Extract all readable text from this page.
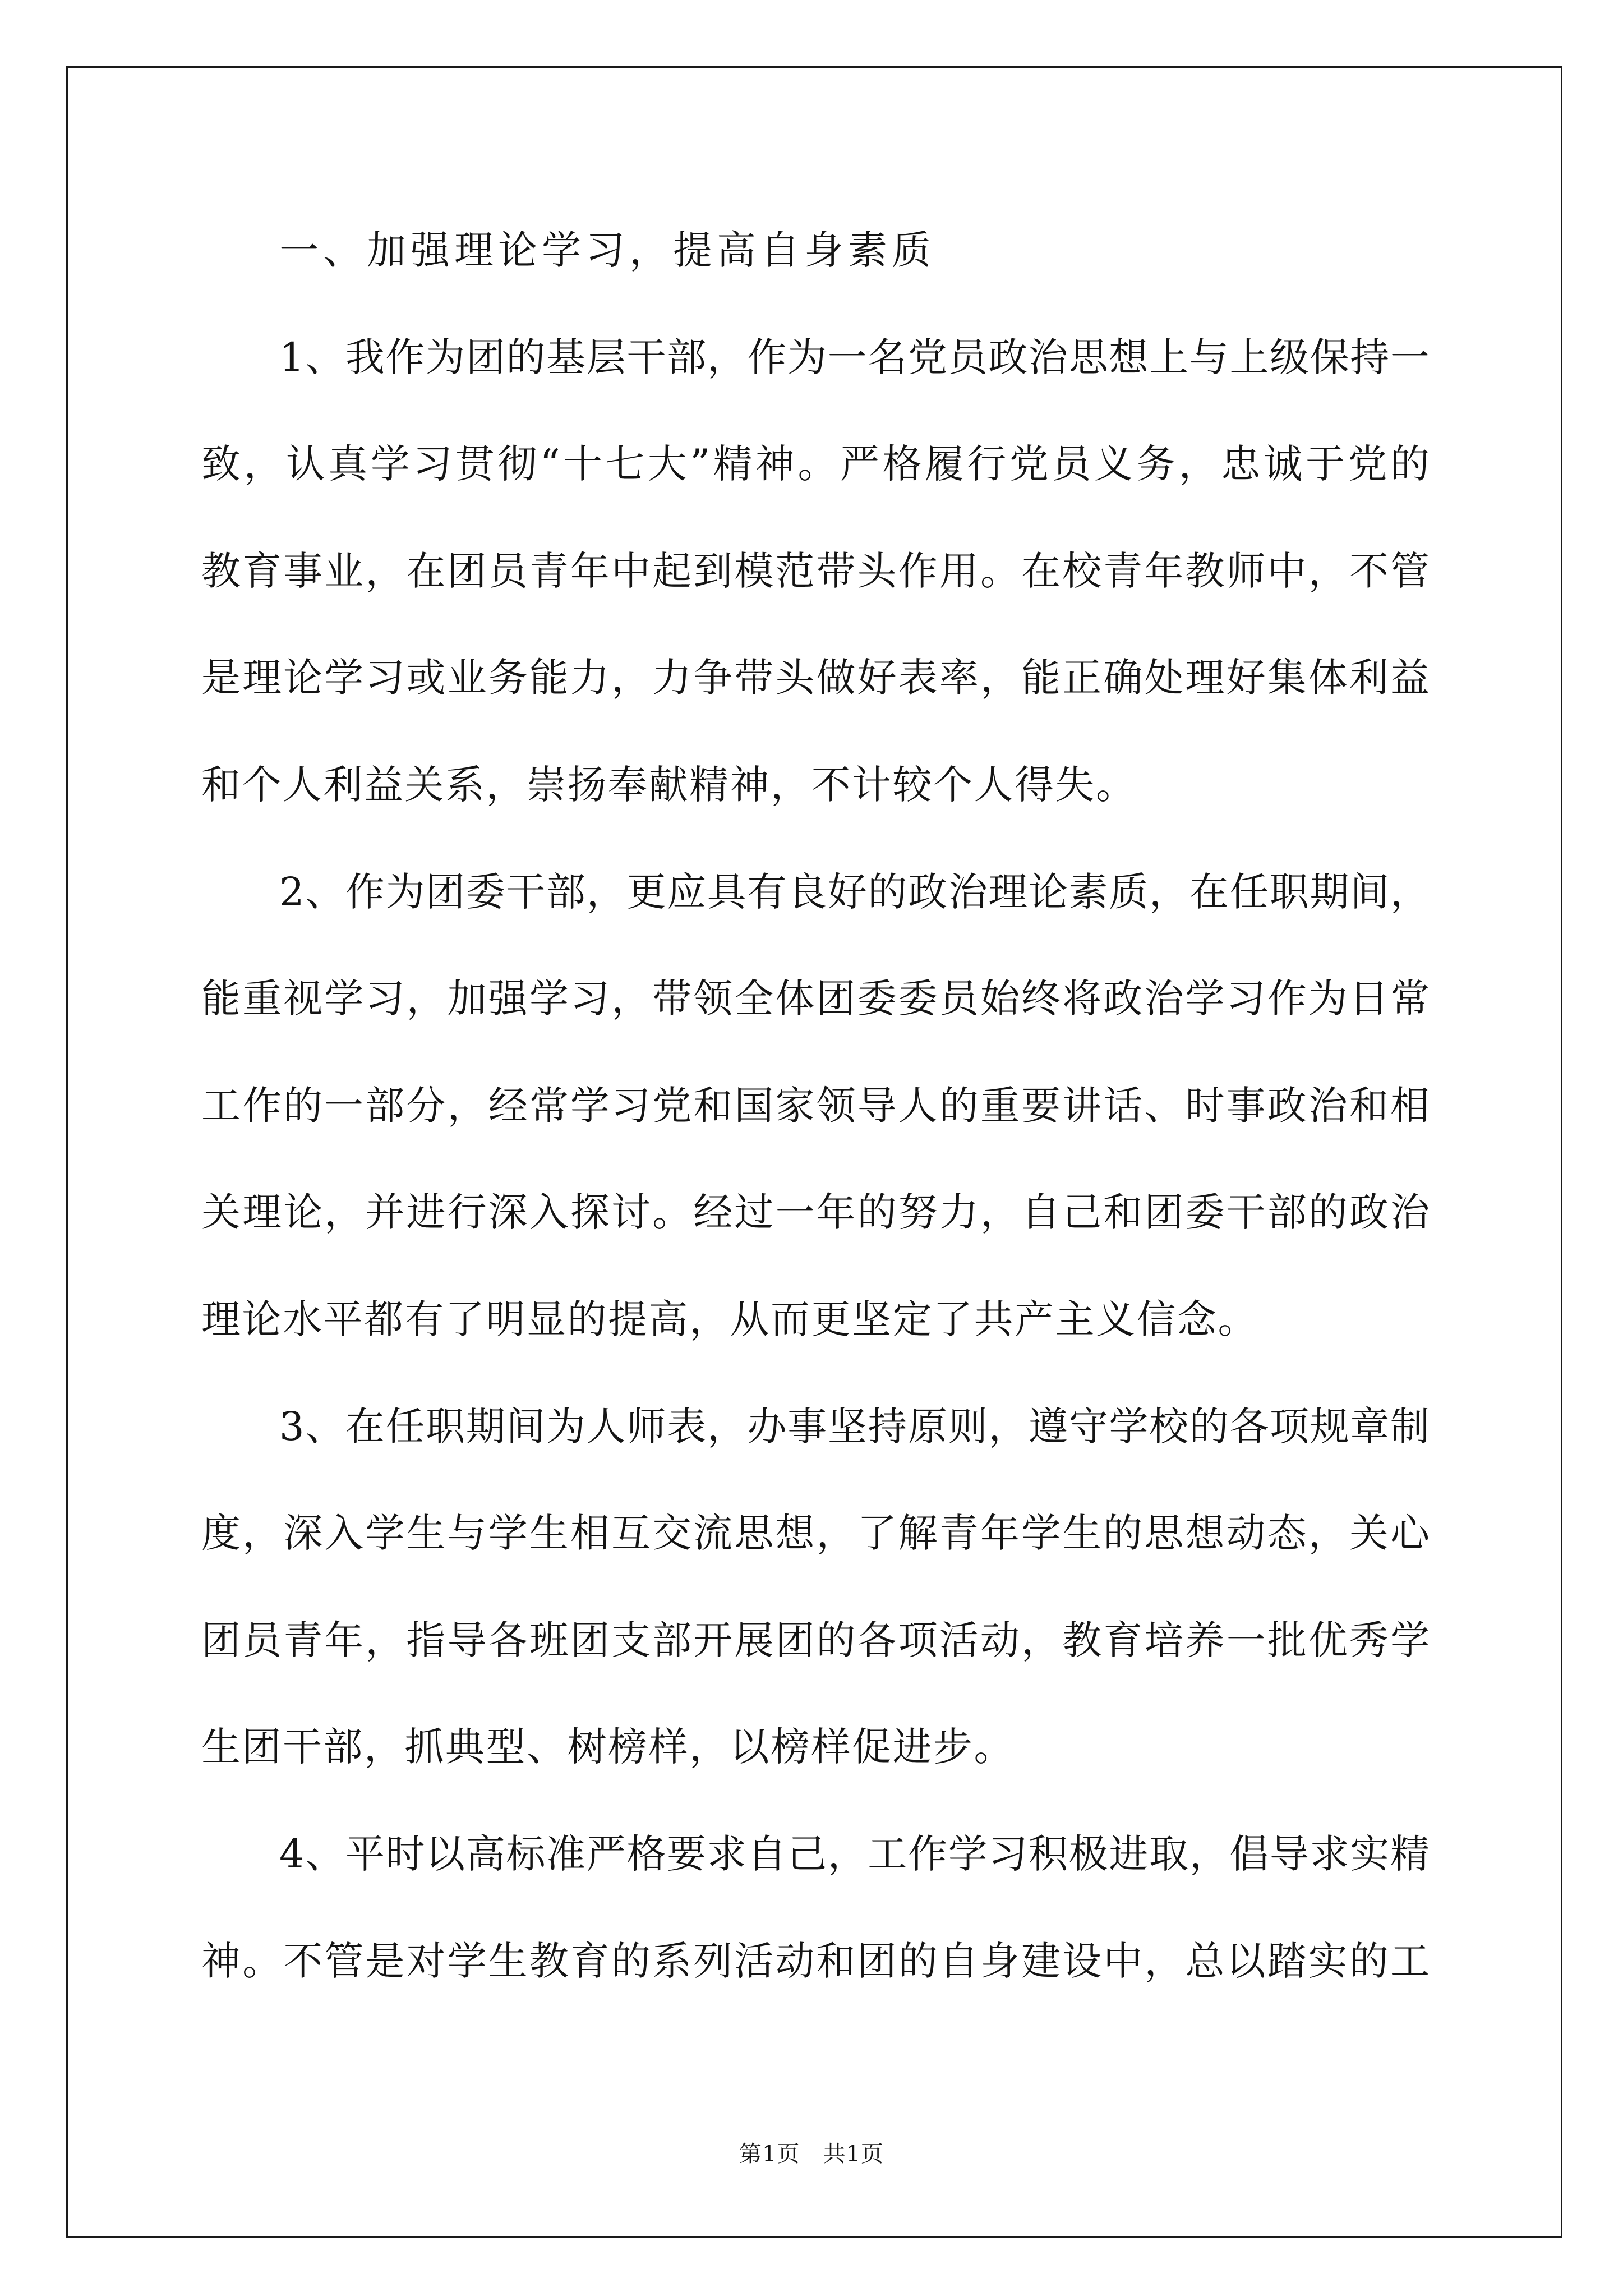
一、加强理论学习，提高自身素质
1、我作为团的基层干部，作为一名党员政治思想上与上级保持一
致，认真学习贯彻“十七大”精神。严格履行党员义务，忠诚于党的
教育事业，在团员青年中起到模范带头作用。在校青年教师中，不管
是理论学习或业务能力，力争带头做好表率，能正确处理好集体利益
和个人利益关系，崇扬奉献精神，不计较个人得失。
2、作为团委干部，更应具有良好的政治理论素质，在任职期间，
能重视学习，加强学习，带领全体团委委员始终将政治学习作为日常
工作的一部分，经常学习党和国家领导人的重要讲话、时事政治和相
关理论，并进行深入探讨。经过一年的努力，自己和团委干部的政治
理论水平都有了明显的提高，从而更坚定了共产主义信念。
3、在任职期间为人师表，办事坚持原则，遵守学校的各项规章制
度，深入学生与学生相互交流思想，了解青年学生的思想动态，关心
团员青年，指导各班团支部开展团的各项活动，教育培养一批优秀学
生团干部，抓典型、树榜样，以榜样促进步。
4、平时以高标准严格要求自己，工作学习积极进取，倡导求实精
神。不管是对学生教育的系列活动和团的自身建设中，总以踏实的工
第1页　共1页
